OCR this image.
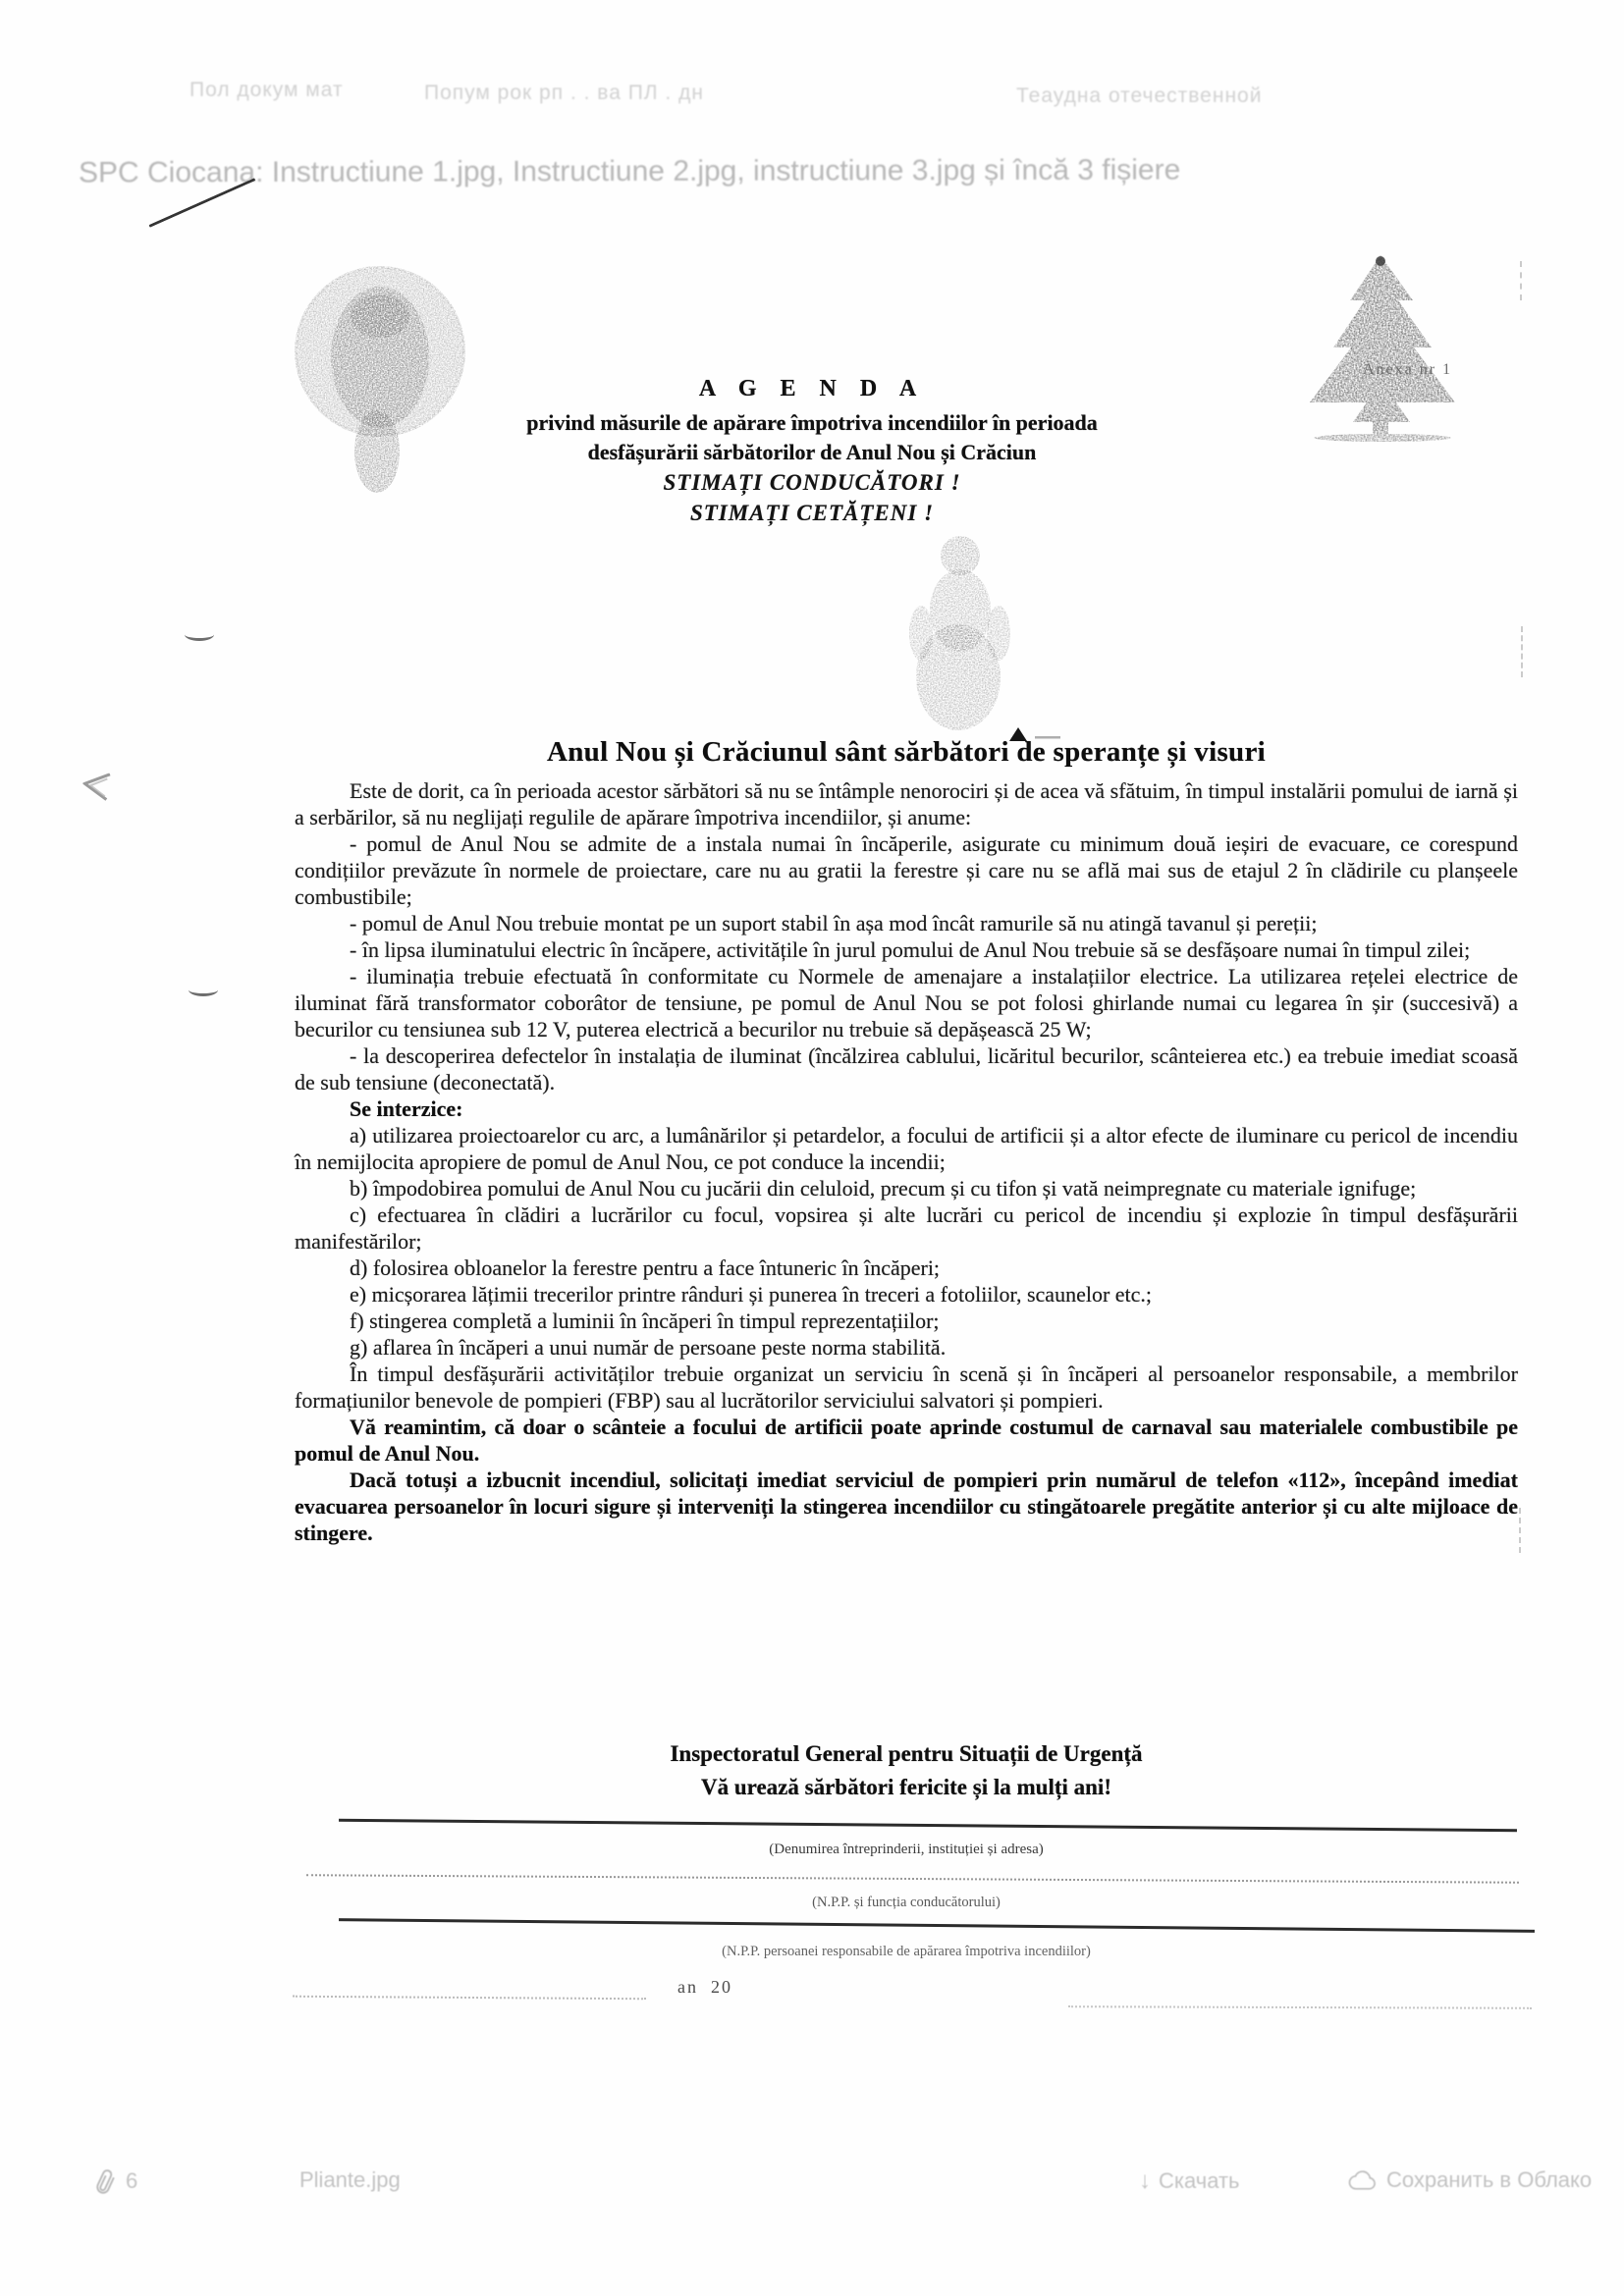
Пол докум мат	Попум рок рп . . ва ПЛ . дн	Теаудна отечественной
SPC Ciocana: Instructiune 1.jpg, Instructiune 2.jpg, instructiune 3.jpg și încă 3 fișiere
Anexa nr 1

A G E N D A

privind măsurile de apărare împotriva incendiilor în perioada desfășurării sărbătorilor de Anul Nou și Crăciun

STIMAȚI CONDUCĂTORI !

STIMAȚI CETĂȚENI !

Anul Nou și Crăciunul sânt sărbători de speranțe și visuri

Este de dorit, ca în perioada acestor sărbători să nu se întâmple nenorociri și de acea vă sfătuim, în timpul instalării pomului de iarnă și a serbărilor, să nu neglijați regulile de apărare împotriva incendiilor, și anume:

- pomul de Anul Nou se admite de a instala numai în încăperile, asigurate cu minimum două ieșiri de evacuare, ce corespund condițiilor prevăzute în normele de proiectare, care nu au gratii la ferestre și care nu se află mai sus de etajul 2 în clădirile cu planșeele combustibile;

- pomul de Anul Nou trebuie montat pe un suport stabil în așa mod încât ramurile să nu atingă tavanul și pereții;

- în lipsa iluminatului electric în încăpere, activitățile în jurul pomului de Anul Nou trebuie să se desfășoare numai în timpul zilei;

- iluminația trebuie efectuată în conformitate cu Normele de amenajare a instalațiilor electrice. La utilizarea rețelei electrice de iluminat fără transformator coborâtor de tensiune, pe pomul de Anul Nou se pot folosi ghirlande numai cu legarea în șir (succesivă) a becurilor cu tensiunea sub 12 V, puterea electrică a becurilor nu trebuie să depășească 25 W;

- la descoperirea defectelor în instalația de iluminat (încălzirea cablului, licăritul becurilor, scânteierea etc.) ea trebuie imediat scoasă de sub tensiune (deconectată).

Se interzice:

a) utilizarea proiectoarelor cu arc, a lumânărilor și petardelor, a focului de artificii și a altor efecte de iluminare cu pericol de incendiu în nemijlocita apropiere de pomul de Anul Nou, ce pot conduce la incendii;

b) împodobirea pomului de Anul Nou cu jucării din celuloid, precum și cu tifon și vată neimpregnate cu materiale ignifuge;

c) efectuarea în clădiri a lucrărilor cu focul, vopsirea și alte lucrări cu pericol de incendiu și explozie în timpul desfășurării manifestărilor;

d) folosirea obloanelor la ferestre pentru a face întuneric în încăperi;

e) micșorarea lățimii trecerilor printre rânduri și punerea în treceri a fotoliilor, scaunelor etc.;

f) stingerea completă a luminii în încăperi în timpul reprezentațiilor;

g) aflarea în încăperi a unui număr de persoane peste norma stabilită.

În timpul desfășurării activităților trebuie organizat un serviciu în scenă și în încăperi al persoanelor responsabile, a membrilor formațiunilor benevole de pompieri (FBP) sau al lucrătorilor serviciului salvatori și pompieri.

Vă reamintim, că doar o scânteie a focului de artificii poate aprinde costumul de carnaval sau materialele combustibile pe pomul de Anul Nou.

Dacă totuși a izbucnit incendiul, solicitați imediat serviciul de pompieri prin numărul de telefon «112», începând imediat evacuarea persoanelor în locuri sigure și interveniți la stingerea incendiilor cu stingătoarele pregătite anterior și cu alte mijloace de stingere.

Inspectoratul General pentru Situații de Urgență
Vă urează sărbători fericite și la mulți ani!
(Denumirea întreprinderii, instituției și adresa)
(N.P.P. și funcția conducătorului)
(N.P.P. persoanei responsabile de apărarea împotriva incendiilor)
an  20
6	Pliante.jpg	↓ Скачать	Сохранить в Облако
